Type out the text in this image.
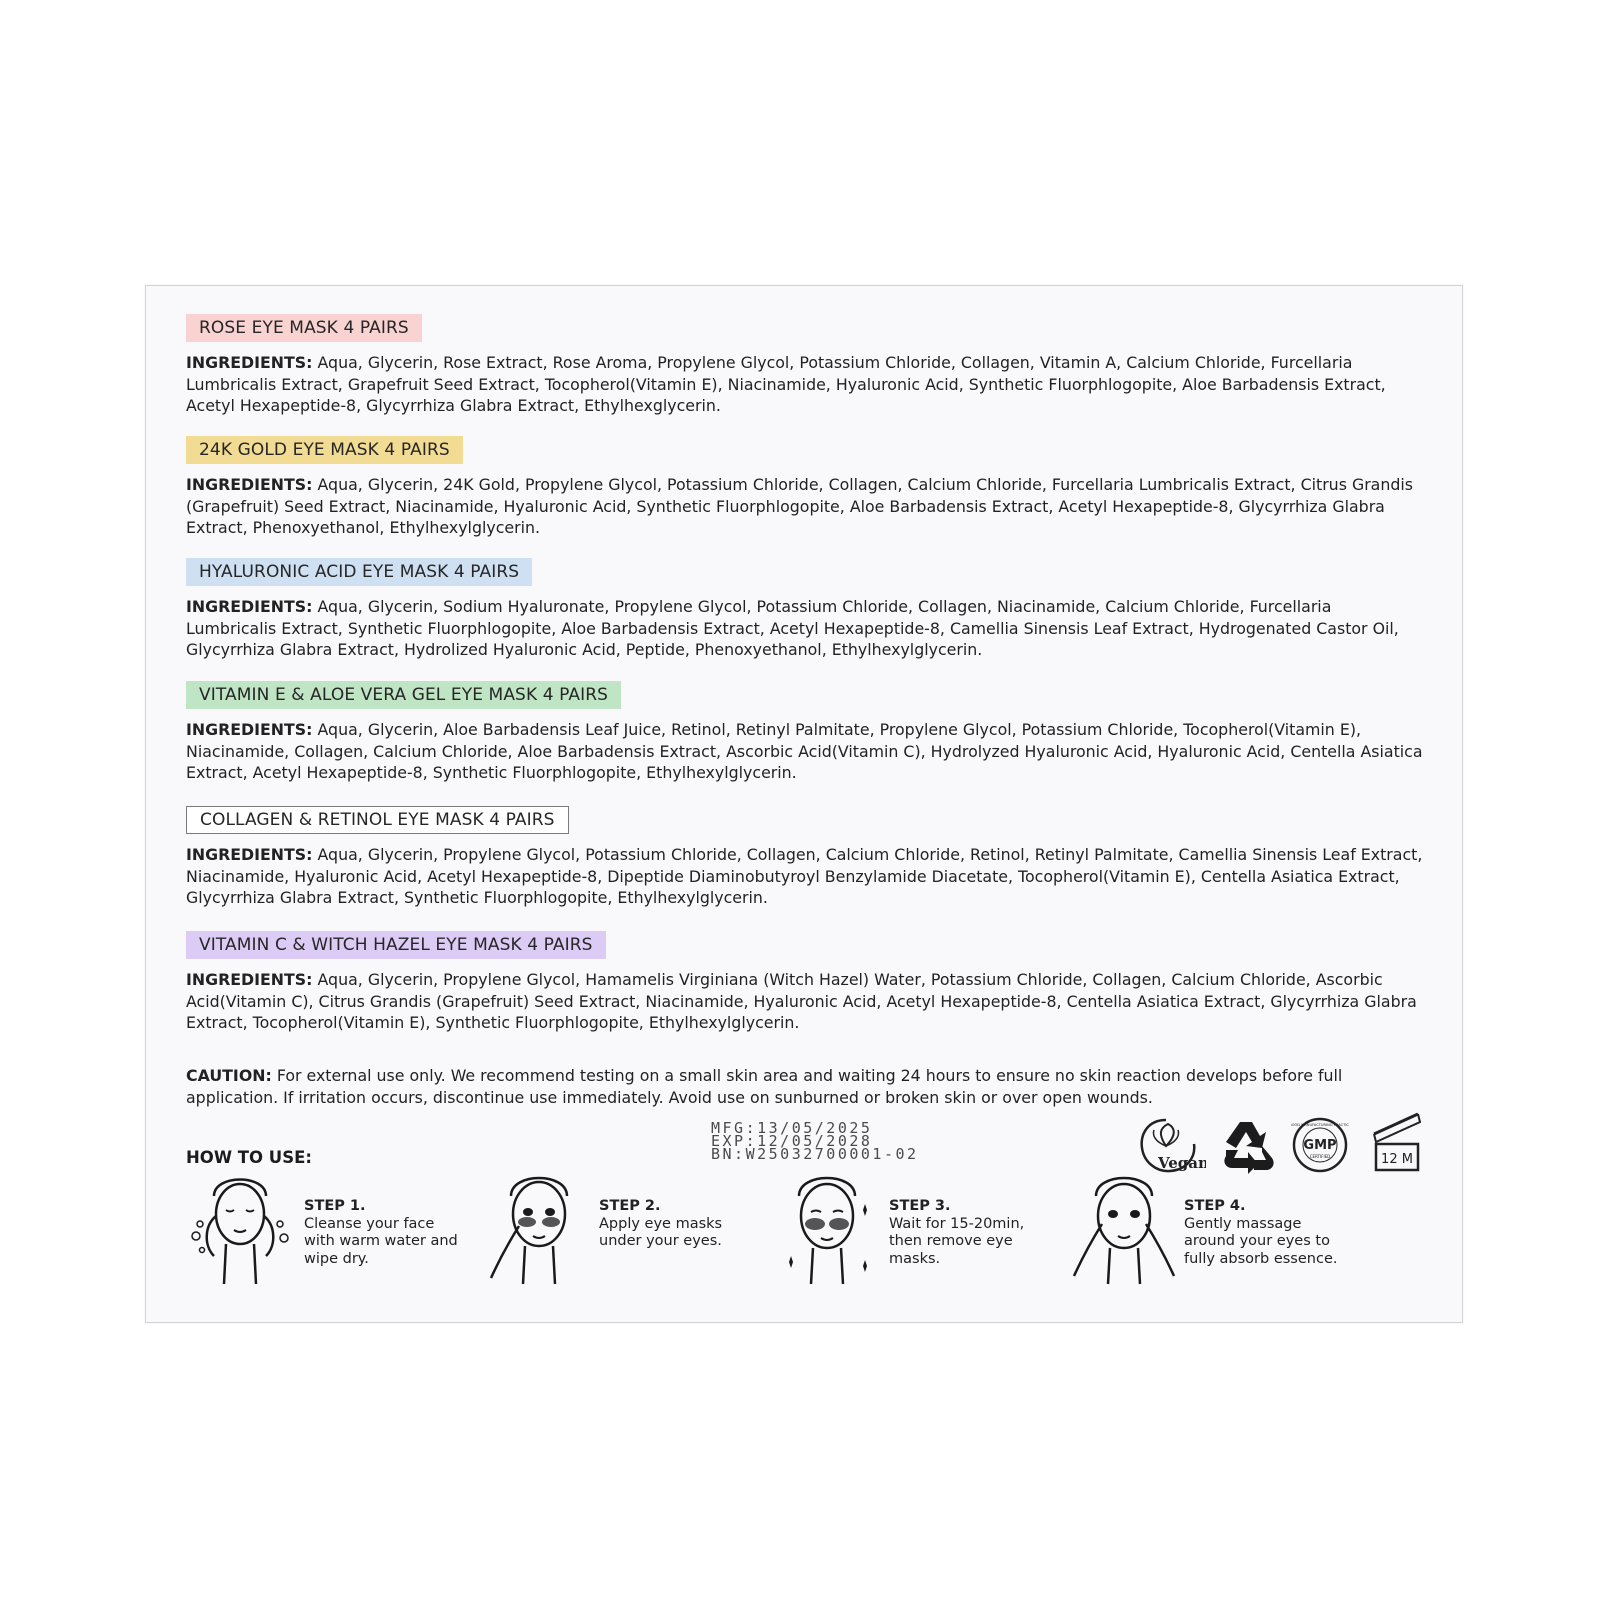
ROSE EYE MASK 4 PAIRS
INGREDIENTS: Aqua, Glycerin, Rose Extract, Rose Aroma, Propylene Glycol, Potassium Chloride, Collagen, Vitamin A, Calcium Chloride, Furcellaria Lumbricalis Extract, Grapefruit Seed Extract, Tocopherol(Vitamin E), Niacinamide, Hyaluronic Acid, Synthetic Fluorphlogopite, Aloe Barbadensis Extract, Acetyl Hexapeptide-8, Glycyrrhiza Glabra Extract, Ethylhexglycerin.
24K GOLD EYE MASK 4 PAIRS
INGREDIENTS: Aqua, Glycerin, 24K Gold, Propylene Glycol, Potassium Chloride, Collagen, Calcium Chloride, Furcellaria Lumbricalis Extract, Citrus Grandis (Grapefruit) Seed Extract, Niacinamide, Hyaluronic Acid, Synthetic Fluorphlogopite, Aloe Barbadensis Extract, Acetyl Hexapeptide-8, Glycyrrhiza Glabra Extract, Phenoxyethanol, Ethylhexylglycerin.
HYALURONIC ACID EYE MASK 4 PAIRS
INGREDIENTS: Aqua, Glycerin, Sodium Hyaluronate, Propylene Glycol, Potassium Chloride, Collagen, Niacinamide, Calcium Chloride, Furcellaria Lumbricalis Extract, Synthetic Fluorphlogopite, Aloe Barbadensis Extract, Acetyl Hexapeptide-8, Camellia Sinensis Leaf Extract, Hydrogenated Castor Oil, Glycyrrhiza Glabra Extract, Hydrolized Hyaluronic Acid, Peptide, Phenoxyethanol, Ethylhexylglycerin.
VITAMIN E & ALOE VERA GEL EYE MASK 4 PAIRS
INGREDIENTS: Aqua, Glycerin, Aloe Barbadensis Leaf Juice, Retinol, Retinyl Palmitate, Propylene Glycol, Potassium Chloride, Tocopherol(Vitamin E), Niacinamide, Collagen, Calcium Chloride, Aloe Barbadensis Extract, Ascorbic Acid(Vitamin C), Hydrolyzed Hyaluronic Acid, Hyaluronic Acid, Centella Asiatica Extract, Acetyl Hexapeptide-8, Synthetic Fluorphlogopite, Ethylhexylglycerin.
COLLAGEN & RETINOL EYE MASK 4 PAIRS
INGREDIENTS: Aqua, Glycerin, Propylene Glycol, Potassium Chloride, Collagen, Calcium Chloride, Retinol, Retinyl Palmitate, Camellia Sinensis Leaf Extract, Niacinamide, Hyaluronic Acid, Acetyl Hexapeptide-8, Dipeptide Diaminobutyroyl Benzylamide Diacetate, Tocopherol(Vitamin E), Centella Asiatica Extract, Glycyrrhiza Glabra Extract, Synthetic Fluorphlogopite, Ethylhexylglycerin.
VITAMIN C & WITCH HAZEL EYE MASK 4 PAIRS
INGREDIENTS: Aqua, Glycerin, Propylene Glycol, Hamamelis Virginiana (Witch Hazel) Water, Potassium Chloride, Collagen, Calcium Chloride, Ascorbic Acid(Vitamin C), Citrus Grandis (Grapefruit) Seed Extract, Niacinamide, Hyaluronic Acid, Acetyl Hexapeptide-8, Centella Asiatica Extract, Glycyrrhiza Glabra Extract, Tocopherol(Vitamin E), Synthetic Fluorphlogopite, Ethylhexylglycerin.
CAUTION: For external use only. We recommend testing on a small skin area and waiting 24 hours to ensure no skin reaction develops before full application. If irritation occurs, discontinue use immediately. Avoid use on sunburned or broken skin or over open wounds.
MFG:13/05/2025
EXP:12/05/2028
BN:W25032700001-02
HOW TO USE:	Vegan
GMP
CERTIFIED
GOOD MANUFACTURING PRACTICE
12 M
STEP 1.
Cleanse your face with warm water and wipe dry.
STEP 2.
Apply eye masks under your eyes.
STEP 3.
Wait for 15-20min, then remove eye masks.
STEP 4.
Gently massage around your eyes to fully absorb essence.
